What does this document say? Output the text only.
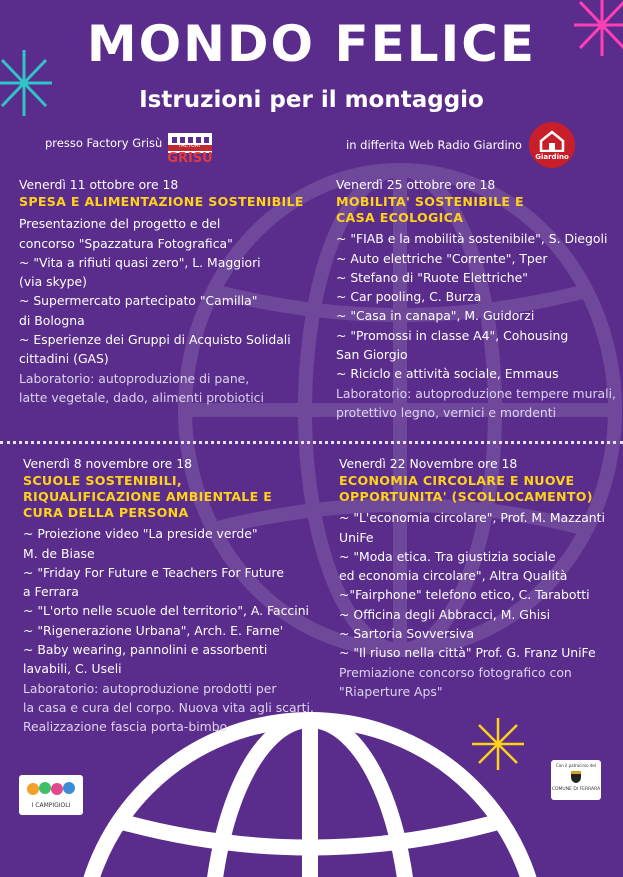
MONDO FELICE
Istruzioni per il montaggio
presso Factory Grisù	FACTORY
GRISÙ
in differita Web Radio Giardino
Giardino
Venerdì 11 ottobre ore 18
SPESA E ALIMENTAZIONE SOSTENIBILE
Presentazione del progetto e del
concorso "Spazzatura Fotografica"
~ "Vita a rifiuti quasi zero", L. Maggiori
(via skype)
~ Supermercato partecipato "Camilla"
di Bologna
~ Esperienze dei Gruppi di Acquisto Solidali
cittadini (GAS)
Laboratorio: autoproduzione di pane,
latte vegetale, dado, alimenti probiotici
Venerdì 25 ottobre ore 18
MOBILITA' SOSTENIBILE E
CASA ECOLOGICA
~ "FIAB e la mobilità sostenibile", S. Diegoli
~ Auto elettriche "Corrente", Tper
~ Stefano di "Ruote Elettriche"
~ Car pooling, C. Burza
~ "Casa in canapa", M. Guidorzi
~ "Promossi in classe A4", Cohousing
San Giorgio
~ Riciclo e attività sociale, Emmaus
Laboratorio: autoproduzione tempere murali,
protettivo legno, vernici e mordenti
Venerdì 8 novembre ore 18
SCUOLE SOSTENIBILI,
RIQUALIFICAZIONE AMBIENTALE E
CURA DELLA PERSONA
~ Proiezione video "La preside verde"
M. de Biase
~ "Friday For Future e Teachers For Future
a Ferrara
~ "L'orto nelle scuole del territorio", A. Faccini
~ "Rigenerazione Urbana", Arch. E. Farne'
~ Baby wearing, pannolini e assorbenti
lavabili, C. Useli
Laboratorio: autoproduzione prodotti per
la casa e cura del corpo. Nuova vita agli scarti.
Realizzazione fascia porta-bimbo
Venerdì 22 Novembre ore 18
ECONOMIA CIRCOLARE E NUOVE
OPPORTUNITA' (SCOLLOCAMENTO)
~ "L'economia circolare", Prof. M. Mazzanti
UniFe
~ "Moda etica. Tra giustizia sociale
ed economia circolare", Altra Qualità
~"Fairphone" telefono etico, C. Tarabotti
~ Officina degli Abbracci, M. Ghisi
~ Sartoria Sovversiva
~ "Il riuso nella città" Prof. G. Franz UniFe
Premiazione concorso fotografico con
"Riaperture Aps"
I CAMPIGIOLI
Con il patrocinio del
COMUNE DI FERRARA
